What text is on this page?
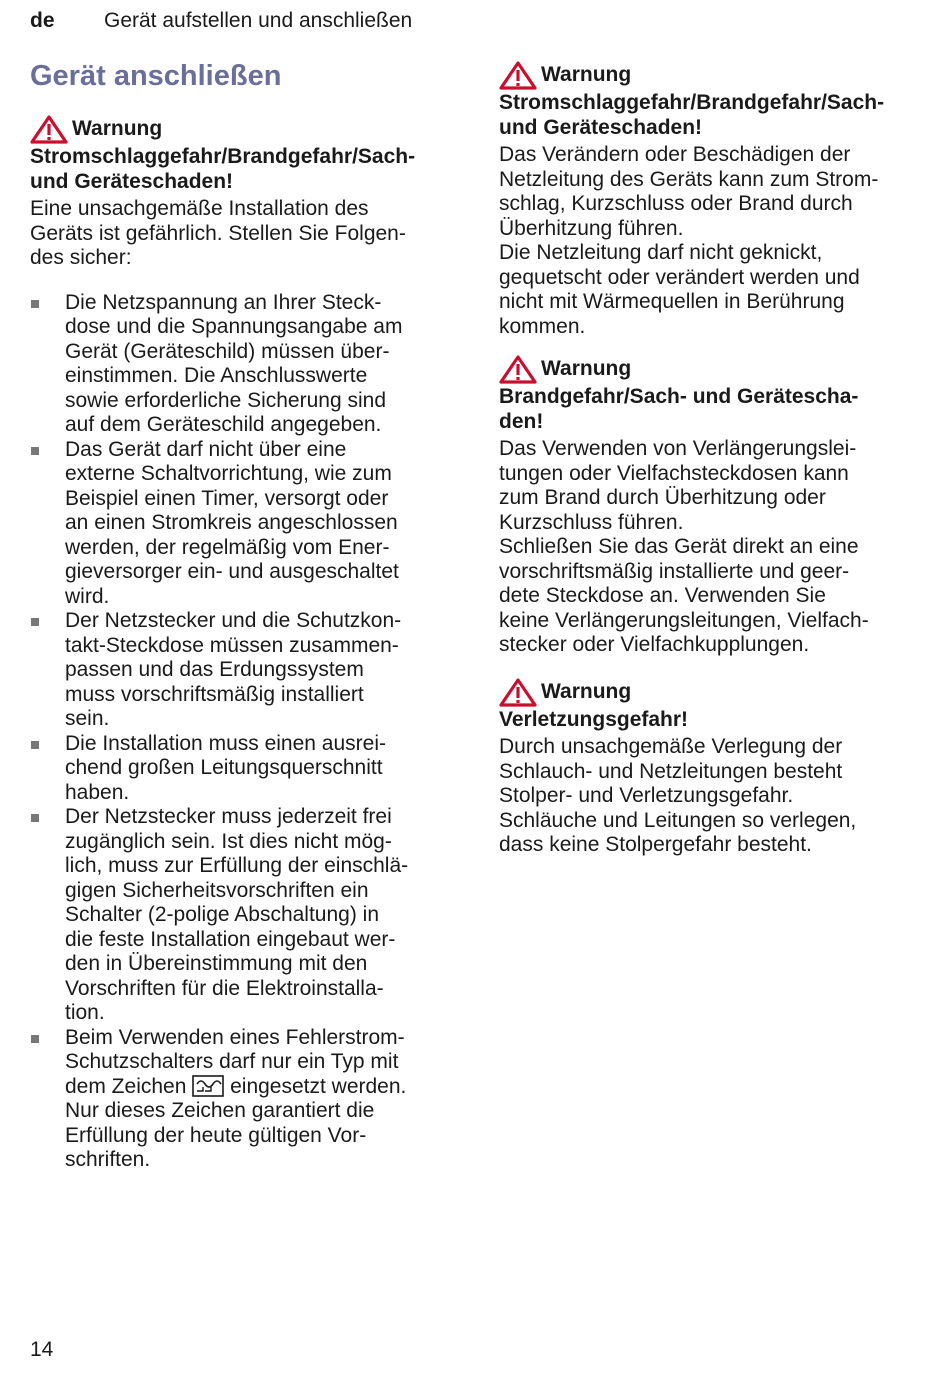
de Gerät aufstellen und anschließen
Gerät anschließen
Warnung
Stromschlaggefahr/Brandgefahr/Sach-
und Geräteschaden!
Eine unsachgemäße Installation des
Geräts ist gefährlich. Stellen Sie Folgen-
des sicher:
Die Netzspannung an Ihrer Steck-
dose und die Spannungsangabe am
Gerät (Geräteschild) müssen über-
einstimmen. Die Anschlusswerte
sowie erforderliche Sicherung sind
auf dem Geräteschild angegeben.
Das Gerät darf nicht über eine
externe Schaltvorrichtung, wie zum
Beispiel einen Timer, versorgt oder
an einen Stromkreis angeschlossen
werden, der regelmäßig vom Ener-
gieversorger ein- und ausgeschaltet
wird.
Der Netzstecker und die Schutzkon-
takt-Steckdose müssen zusammen-
passen und das Erdungssystem
muss vorschriftsmäßig installiert
sein.
Die Installation muss einen ausrei-
chend großen Leitungsquerschnitt
haben.
Der Netzstecker muss jederzeit frei
zugänglich sein. Ist dies nicht mög-
lich, muss zur Erfüllung der einschlä-
gigen Sicherheitsvorschriften ein
Schalter (2-polige Abschaltung) in
die feste Installation eingebaut wer-
den in Übereinstimmung mit den
Vorschriften für die Elektroinstalla-
tion.
Beim Verwenden eines Fehlerstrom-
Schutzschalters darf nur ein Typ mit
dem Zeichen eingesetzt werden.
Nur dieses Zeichen garantiert die
Erfüllung der heute gültigen Vor-
schriften.
Warnung
Stromschlaggefahr/Brandgefahr/Sach-
und Geräteschaden!
Das Verändern oder Beschädigen der
Netzleitung des Geräts kann zum Strom-
schlag, Kurzschluss oder Brand durch
Überhitzung führen.
Die Netzleitung darf nicht geknickt,
gequetscht oder verändert werden und
nicht mit Wärmequellen in Berührung
kommen.
Warnung
Brandgefahr/Sach- und Geräteschа-
den!
Das Verwenden von Verlängerungslei-
tungen oder Vielfachsteckdosen kann
zum Brand durch Überhitzung oder
Kurzschluss führen.
Schließen Sie das Gerät direkt an eine
vorschriftsmäßig installierte und geer-
dete Steckdose an. Verwenden Sie
keine Verlängerungsleitungen, Vielfach-
stecker oder Vielfachkupplungen.
Warnung
Verletzungsgefahr!
Durch unsachgemäße Verlegung der
Schlauch- und Netzleitungen besteht
Stolper- und Verletzungsgefahr.
Schläuche und Leitungen so verlegen,
dass keine Stolpergefahr besteht.
14
